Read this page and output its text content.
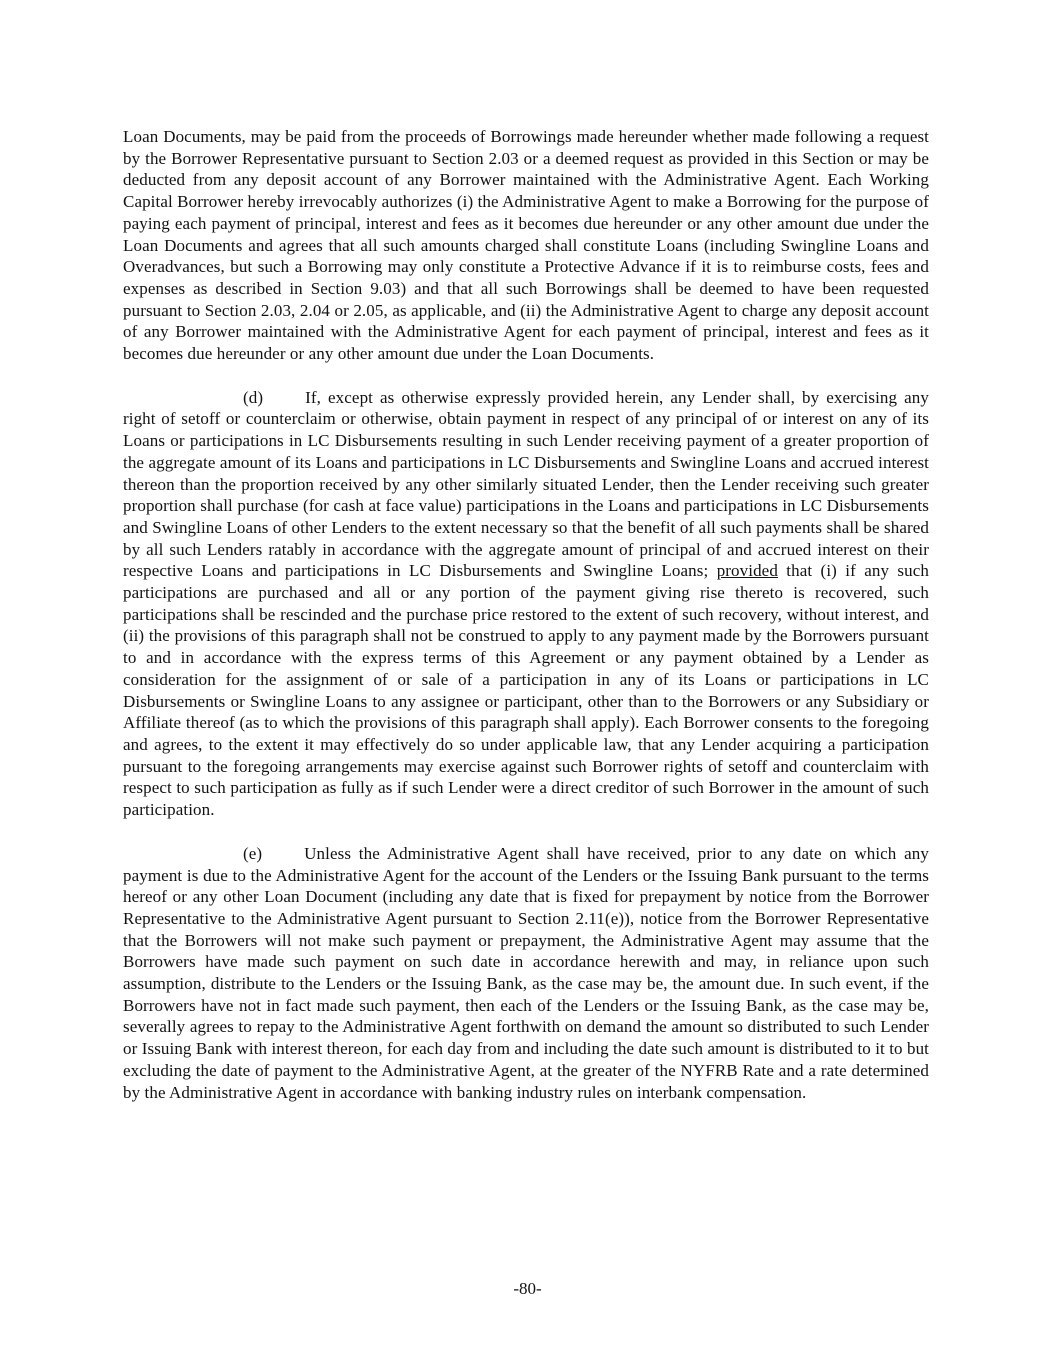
Loan Documents, may be paid from the proceeds of Borrowings made hereunder whether made following a request by the Borrower Representative pursuant to Section 2.03 or a deemed request as provided in this Section or may be deducted from any deposit account of any Borrower maintained with the Administrative Agent. Each Working Capital Borrower hereby irrevocably authorizes (i) the Administrative Agent to make a Borrowing for the purpose of paying each payment of principal, interest and fees as it becomes due hereunder or any other amount due under the Loan Documents and agrees that all such amounts charged shall constitute Loans (including Swingline Loans and Overadvances, but such a Borrowing may only constitute a Protective Advance if it is to reimburse costs, fees and expenses as described in Section 9.03) and that all such Borrowings shall be deemed to have been requested pursuant to Section 2.03, 2.04 or 2.05, as applicable, and (ii) the Administrative Agent to charge any deposit account of any Borrower maintained with the Administrative Agent for each payment of principal, interest and fees as it becomes due hereunder or any other amount due under the Loan Documents.

(d) If, except as otherwise expressly provided herein, any Lender shall, by exercising any right of setoff or counterclaim or otherwise, obtain payment in respect of any principal of or interest on any of its Loans or participations in LC Disbursements resulting in such Lender receiving payment of a greater proportion of the aggregate amount of its Loans and participations in LC Disbursements and Swingline Loans and accrued interest thereon than the proportion received by any other similarly situated Lender, then the Lender receiving such greater proportion shall purchase (for cash at face value) participations in the Loans and participations in LC Disbursements and Swingline Loans of other Lenders to the extent necessary so that the benefit of all such payments shall be shared by all such Lenders ratably in accordance with the aggregate amount of principal of and accrued interest on their respective Loans and participations in LC Disbursements and Swingline Loans; provided that (i) if any such participations are purchased and all or any portion of the payment giving rise thereto is recovered, such participations shall be rescinded and the purchase price restored to the extent of such recovery, without interest, and (ii) the provisions of this paragraph shall not be construed to apply to any payment made by the Borrowers pursuant to and in accordance with the express terms of this Agreement or any payment obtained by a Lender as consideration for the assignment of or sale of a participation in any of its Loans or participations in LC Disbursements or Swingline Loans to any assignee or participant, other than to the Borrowers or any Subsidiary or Affiliate thereof (as to which the provisions of this paragraph shall apply). Each Borrower consents to the foregoing and agrees, to the extent it may effectively do so under applicable law, that any Lender acquiring a participation pursuant to the foregoing arrangements may exercise against such Borrower rights of setoff and counterclaim with respect to such participation as fully as if such Lender were a direct creditor of such Borrower in the amount of such participation.

(e) Unless the Administrative Agent shall have received, prior to any date on which any payment is due to the Administrative Agent for the account of the Lenders or the Issuing Bank pursuant to the terms hereof or any other Loan Document (including any date that is fixed for prepayment by notice from the Borrower Representative to the Administrative Agent pursuant to Section 2.11(e)), notice from the Borrower Representative that the Borrowers will not make such payment or prepayment, the Administrative Agent may assume that the Borrowers have made such payment on such date in accordance herewith and may, in reliance upon such assumption, distribute to the Lenders or the Issuing Bank, as the case may be, the amount due. In such event, if the Borrowers have not in fact made such payment, then each of the Lenders or the Issuing Bank, as the case may be, severally agrees to repay to the Administrative Agent forthwith on demand the amount so distributed to such Lender or Issuing Bank with interest thereon, for each day from and including the date such amount is distributed to it to but excluding the date of payment to the Administrative Agent, at the greater of the NYFRB Rate and a rate determined by the Administrative Agent in accordance with banking industry rules on interbank compensation.

-80-
